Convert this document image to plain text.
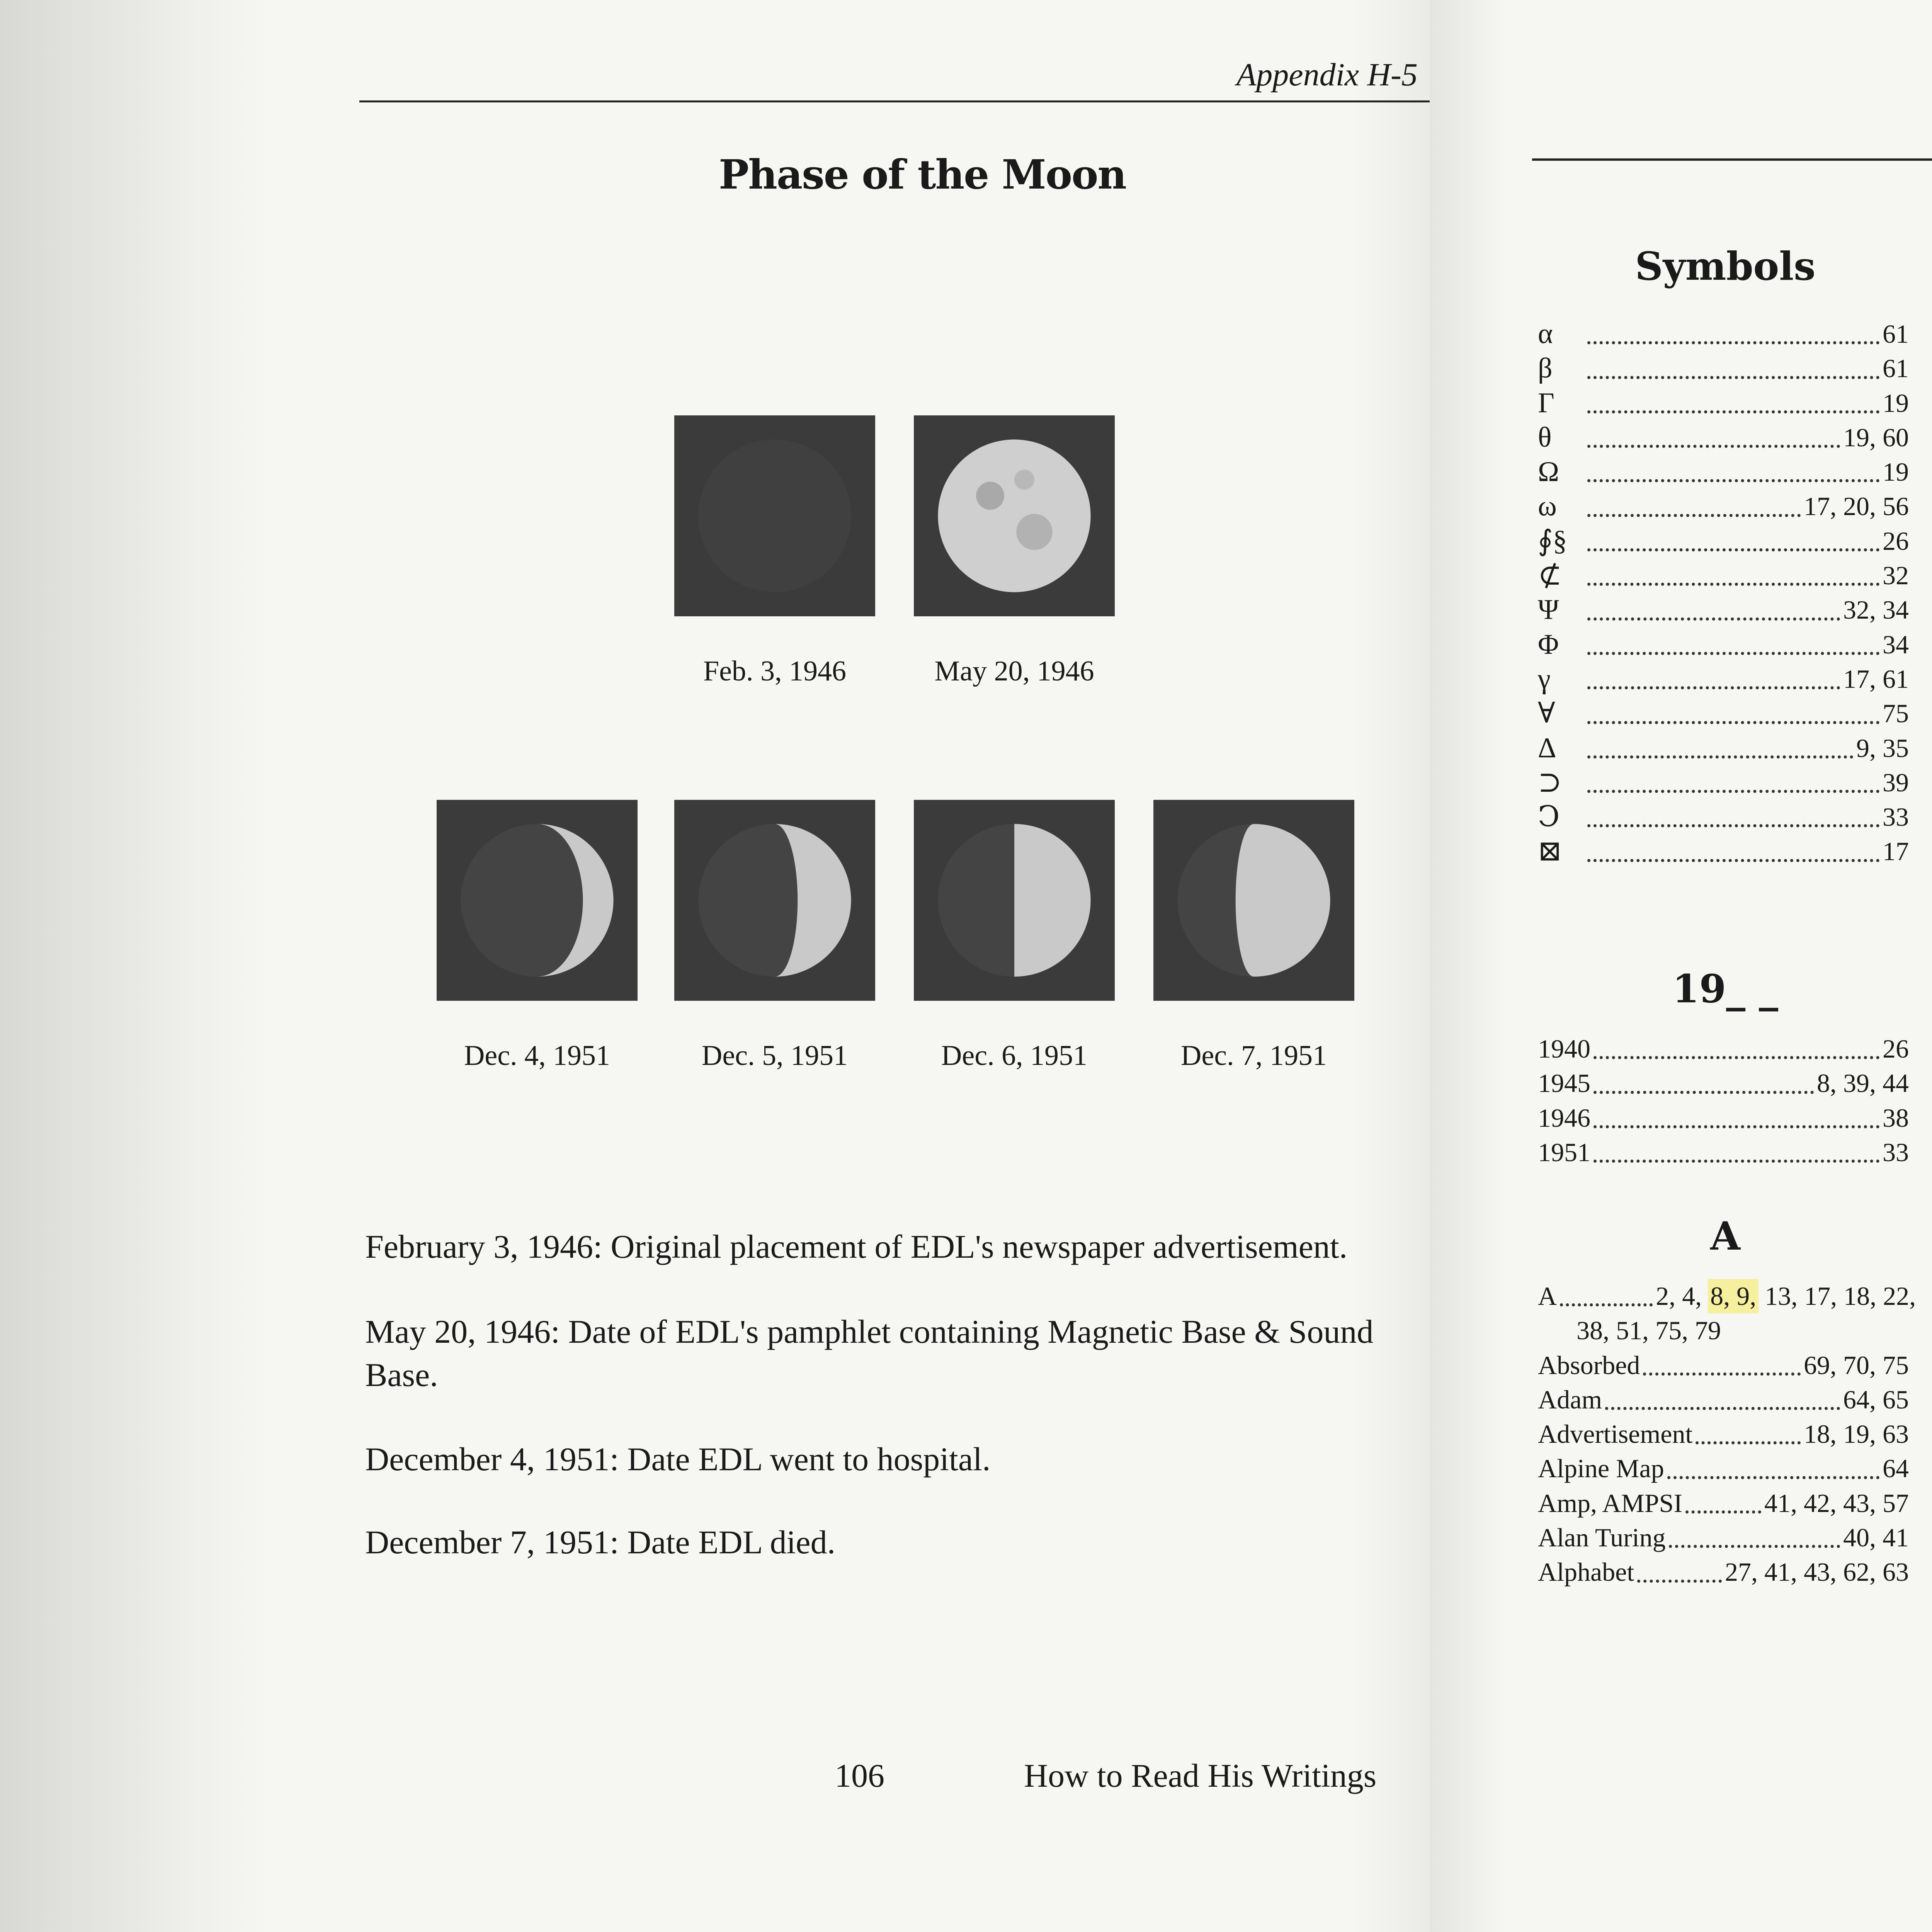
Appendix H-5
Phase of the Moon
Feb. 3, 1946	May 20, 1946
Dec. 4, 1951	Dec. 5, 1951	Dec. 6, 1951	Dec. 7, 1951
February 3, 1946: Original placement of EDL's newspaper advertisement.
May 20, 1946: Date of EDL's pamphlet containing Magnetic Base & Sound Base.
December 4, 1951: Date EDL went to hospital.
December 7, 1951: Date EDL died.
106	How to Read His Writings
Symbols
α	61
β	61
Γ	19
θ	19, 60
Ω	19
ω	17, 20, 56
∮§	26
⊄	32
Ψ	32, 34
Φ	34
γ	17, 61
∀	75
Δ	9, 35
⊃	39
Ↄ	33
⊠	17
19_ _
1940	26
1945	8, 39, 44
1946	38
1951	33
A
A	2, 4, 8, 9, 13, 17, 18, 22,
38, 51, 75, 79
Absorbed	69, 70, 75
Adam	64, 65
Advertisement	18, 19, 63
Alpine Map	64
Amp, AMPSI	41, 42, 43, 57
Alan Turing	40, 41
Alphabet	27, 41, 43, 62, 63
